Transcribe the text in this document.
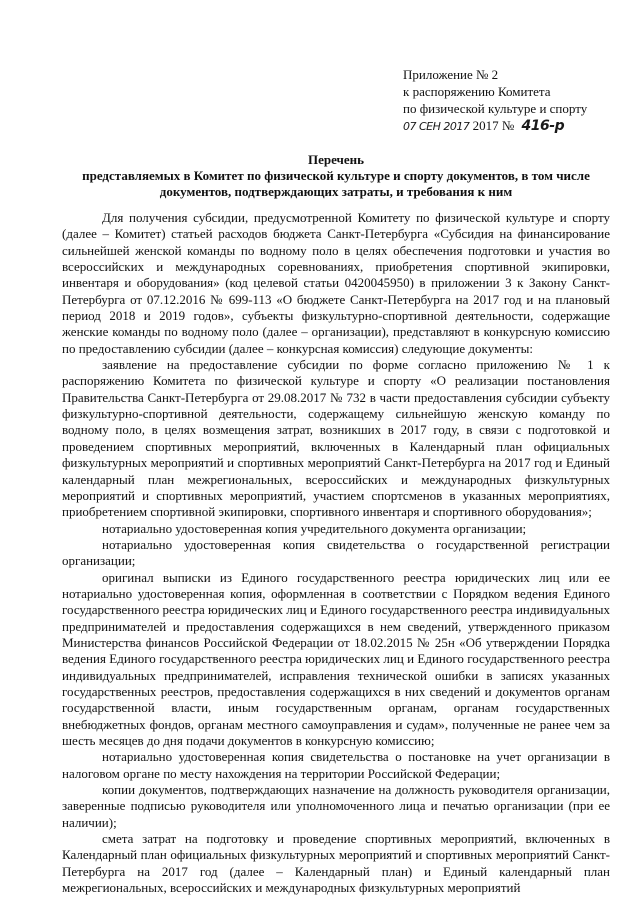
Приложение № 2
к распоряжению Комитета
по физической культуре и спорту
07 СЕН 2017 2017 № 416-р
Перечень
представляемых в Комитет по физической культуре и спорту документов, в том числе
документов, подтверждающих затраты, и требования к ним

Для получения субсидии, предусмотренной Комитету по физической культуре и спорту (далее – Комитет) статьей расходов бюджета Санкт-Петербурга «Субсидия на финансирование сильнейшей женской команды по водному поло в целях обеспечения подготовки и участия во всероссийских и международных соревнованиях, приобретения спортивной экипировки, инвентаря и оборудования» (код целевой статьи 0420045950) в приложении 3 к Закону Санкт-Петербурга от 07.12.2016 № 699-113 «О бюджете Санкт-Петербурга на 2017 год и на плановый период 2018 и 2019 годов», субъекты физкультурно-спортивной деятельности, содержащие женские команды по водному поло (далее – организации), представляют в конкурсную комиссию по предоставлению субсидии (далее – конкурсная комиссия) следующие документы:

заявление на предоставление субсидии по форме согласно приложению № 1 к распоряжению Комитета по физической культуре и спорту «О реализации постановления Правительства Санкт-Петербурга от 29.08.2017 № 732 в части предоставления субсидии субъекту физкультурно-спортивной деятельности, содержащему сильнейшую женскую команду по водному поло, в целях возмещения затрат, возникших в 2017 году, в связи с подготовкой и проведением спортивных мероприятий, включенных в Календарный план официальных физкультурных мероприятий и спортивных мероприятий Санкт-Петербурга на 2017 год и Единый календарный план межрегиональных, всероссийских и международных физкультурных мероприятий и спортивных мероприятий, участием спортсменов в указанных мероприятиях, приобретением спортивной экипировки, спортивного инвентаря и спортивного оборудования»;

нотариально удостоверенная копия учредительного документа организации;

нотариально удостоверенная копия свидетельства о государственной регистрации организации;

оригинал выписки из Единого государственного реестра юридических лиц или ее нотариально удостоверенная копия, оформленная в соответствии с Порядком ведения Единого государственного реестра юридических лиц и Единого государственного реестра индивидуальных предпринимателей и предоставления содержащихся в нем сведений, утвержденного приказом Министерства финансов Российской Федерации от 18.02.2015 № 25н «Об утверждении Порядка ведения Единого государственного реестра юридических лиц и Единого государственного реестра индивидуальных предпринимателей, исправления технической ошибки в записях указанных государственных реестров, предоставления содержащихся в них сведений и документов органам государственной власти, иным государственным органам, органам государственных внебюджетных фондов, органам местного самоуправления и судам», полученные не ранее чем за шесть месяцев до дня подачи документов в конкурсную комиссию;

нотариально удостоверенная копия свидетельства о постановке на учет организации в налоговом органе по месту нахождения на территории Российской Федерации;

копии документов, подтверждающих назначение на должность руководителя организации, заверенные подписью руководителя или уполномоченного лица и печатью организации (при ее наличии);

смета затрат на подготовку и проведение спортивных мероприятий, включенных в Календарный план официальных физкультурных мероприятий и спортивных мероприятий Санкт-Петербурга на 2017 год (далее – Календарный план) и Единый календарный план межрегиональных, всероссийских и международных физкультурных мероприятий
